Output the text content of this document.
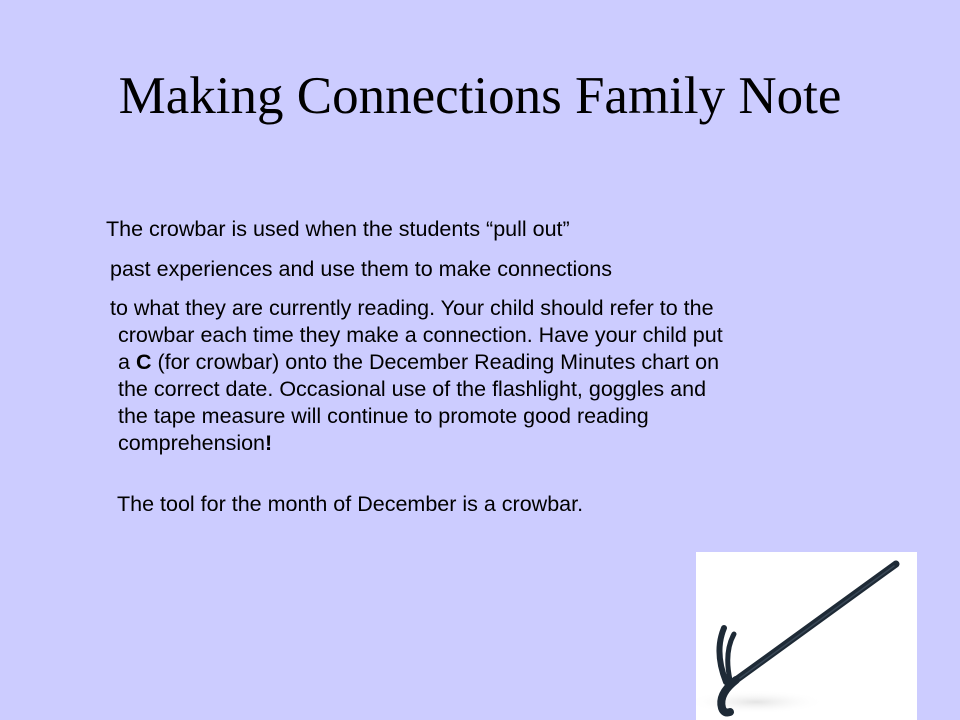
Making Connections Family Note

The crowbar is used when the students “pull out”

past experiences and use them to make connections

to what they are currently reading. Your child should refer to the
crowbar each time they make a connection. Have your child put
a C (for crowbar) onto the December Reading Minutes chart on
the correct date. Occasional use of the flashlight, goggles and
the tape measure will continue to promote good reading
comprehension!

The tool for the month of December is a crowbar.
